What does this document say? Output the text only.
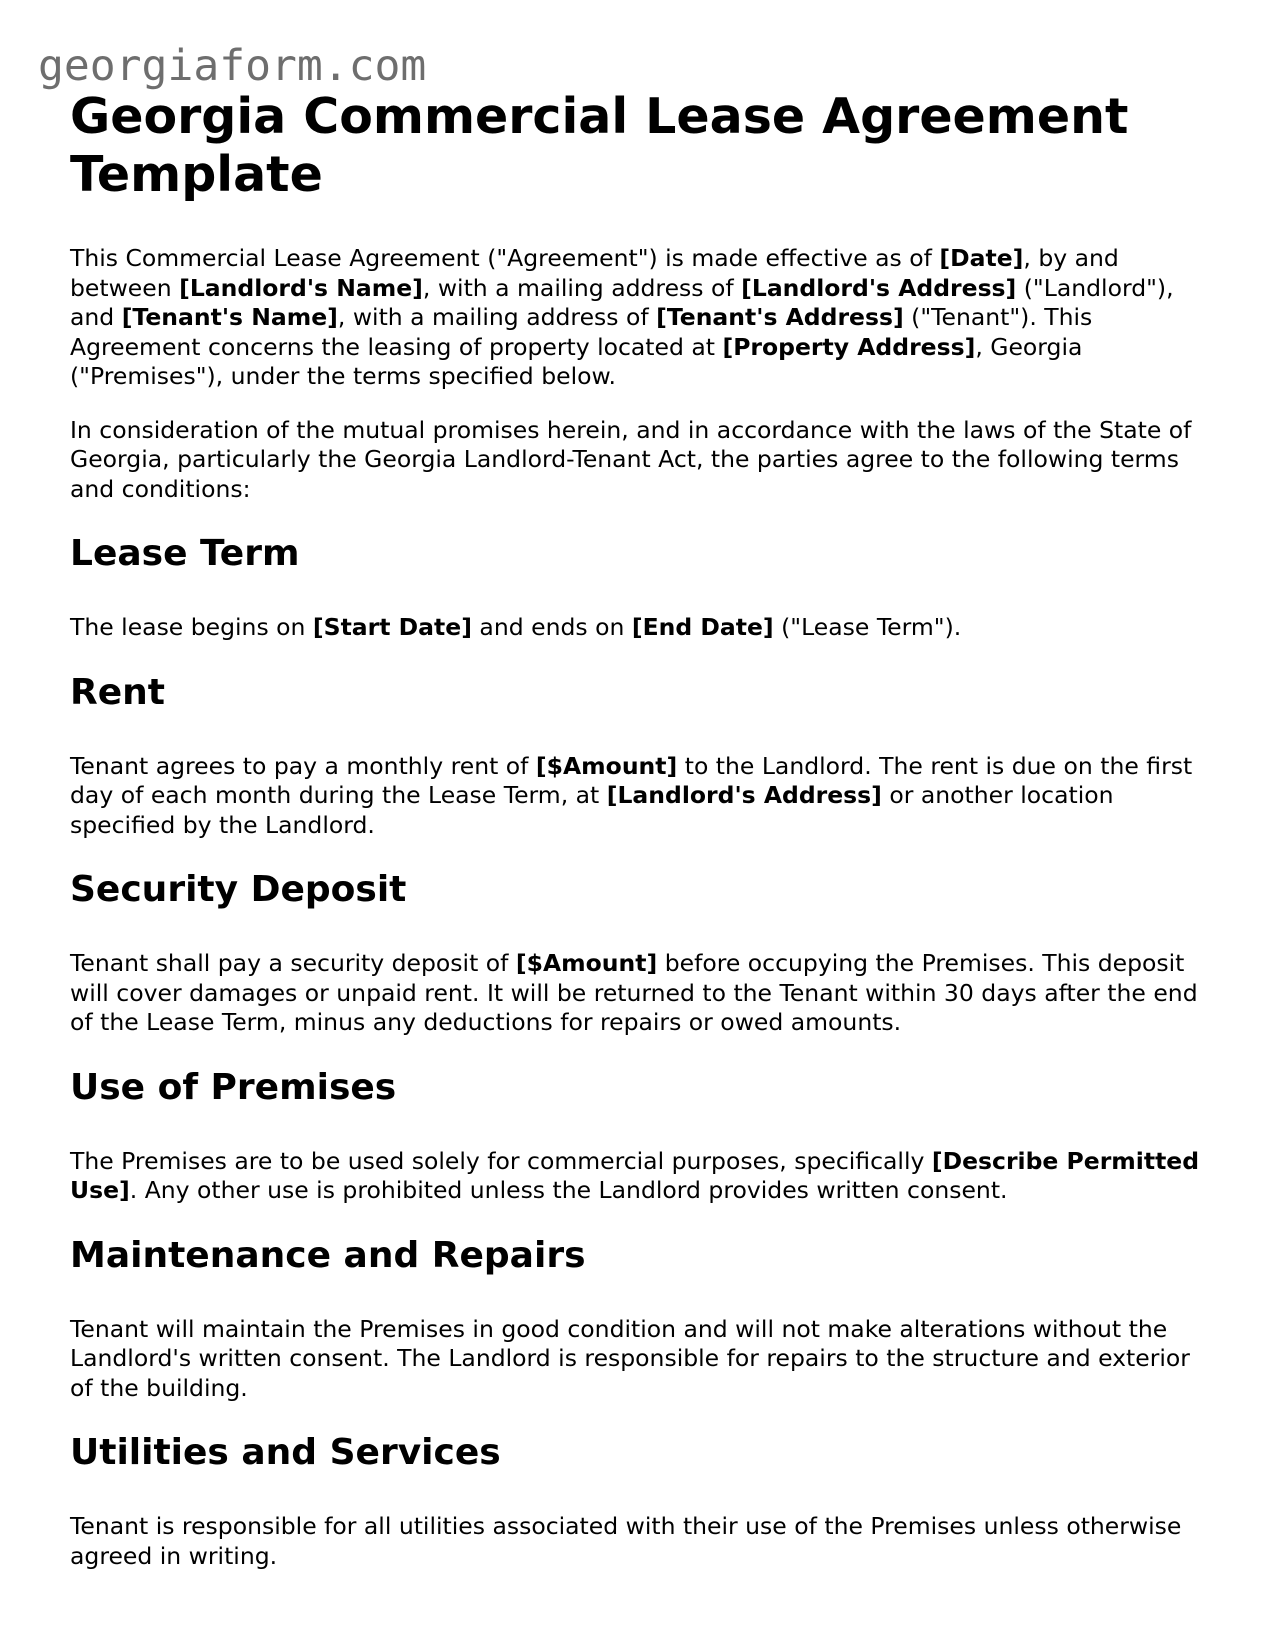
georgiaform.com
Georgia Commercial Lease Agreement Template

This Commercial Lease Agreement ("Agreement") is made effective as of [Date], by and between [Landlord's Name], with a mailing address of [Landlord's Address] ("Landlord"), and [Tenant's Name], with a mailing address of [Tenant's Address] ("Tenant"). This Agreement concerns the leasing of property located at [Property Address], Georgia ("Premises"), under the terms specified below.

In consideration of the mutual promises herein, and in accordance with the laws of the State of Georgia, particularly the Georgia Landlord-Tenant Act, the parties agree to the following terms and conditions:

Lease Term

The lease begins on [Start Date] and ends on [End Date] ("Lease Term").

Rent

Tenant agrees to pay a monthly rent of [$Amount] to the Landlord. The rent is due on the first day of each month during the Lease Term, at [Landlord's Address] or another location specified by the Landlord.

Security Deposit

Tenant shall pay a security deposit of [$Amount] before occupying the Premises. This deposit will cover damages or unpaid rent. It will be returned to the Tenant within 30 days after the end of the Lease Term, minus any deductions for repairs or owed amounts.

Use of Premises

The Premises are to be used solely for commercial purposes, specifically [Describe Permitted Use]. Any other use is prohibited unless the Landlord provides written consent.

Maintenance and Repairs

Tenant will maintain the Premises in good condition and will not make alterations without the Landlord's written consent. The Landlord is responsible for repairs to the structure and exterior of the building.

Utilities and Services

Tenant is responsible for all utilities associated with their use of the Premises unless otherwise agreed in writing.
